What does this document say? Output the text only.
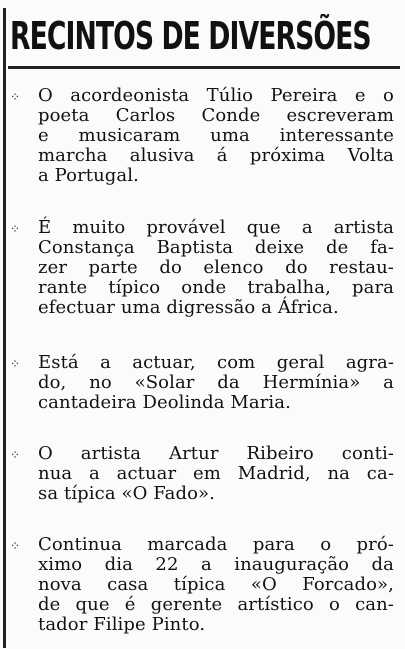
RECINTOS DE DIVERSÕES
⁘ O acordeonista Túlio Pereira e o
poeta Carlos Conde escreveram
e musicaram uma interessante
marcha alusiva á próxima Volta
a Portugal.
⁘ É muito provável que a artista
Constança Baptista deixe de fa-
zer parte do elenco do restau-
rante típico onde trabalha, para
efectuar uma digressão a África.
⁘ Está a actuar, com geral agra-
do, no «Solar da Hermínia» a
cantadeira Deolinda Maria.
⁘ O artista Artur Ribeiro conti-
nua a actuar em Madrid, na ca-
sa típica «O Fado».
⁘ Continua marcada para o pró-
ximo dia 22 a inauguração da
nova casa típica «O Forcado»,
de que é gerente artístico o can-
tador Filipe Pinto.
